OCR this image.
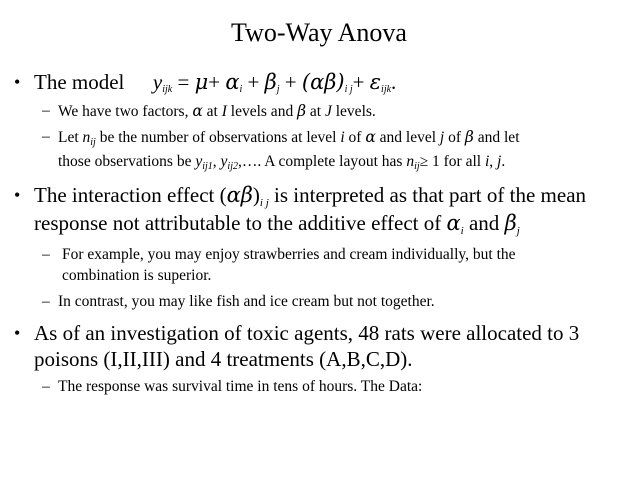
Two-Way Anova
• The model $y_{ijk} = \mu+ \alpha_i + \beta_j + (\alpha\beta)_{i j}+ \varepsilon_{ijk}$.
– We have two factors, α at I levels and β at J levels.
– Let $n_{ij}$ be the number of observations at level i of α and level j of β and let
those observations be $y_{ij1}$, $y_{ij2},\dots$. A complete layout has $n_{ij}\ge 1$ for all i, j.
• The interaction effect $(\alpha\beta)_{i j}$ is interpreted as that part of the mean
response not attributable to the additive effect of $\alpha_i$ and $\beta_j$
– For example, you may enjoy strawberries and cream individually, but the
combination is superior.
– In contrast, you may like fish and ice cream but not together.
• As of an investigation of toxic agents, 48 rats were allocated to 3
poisons (I,II,III) and 4 treatments (A,B,C,D).
– The response was survival time in tens of hours. The Data:
